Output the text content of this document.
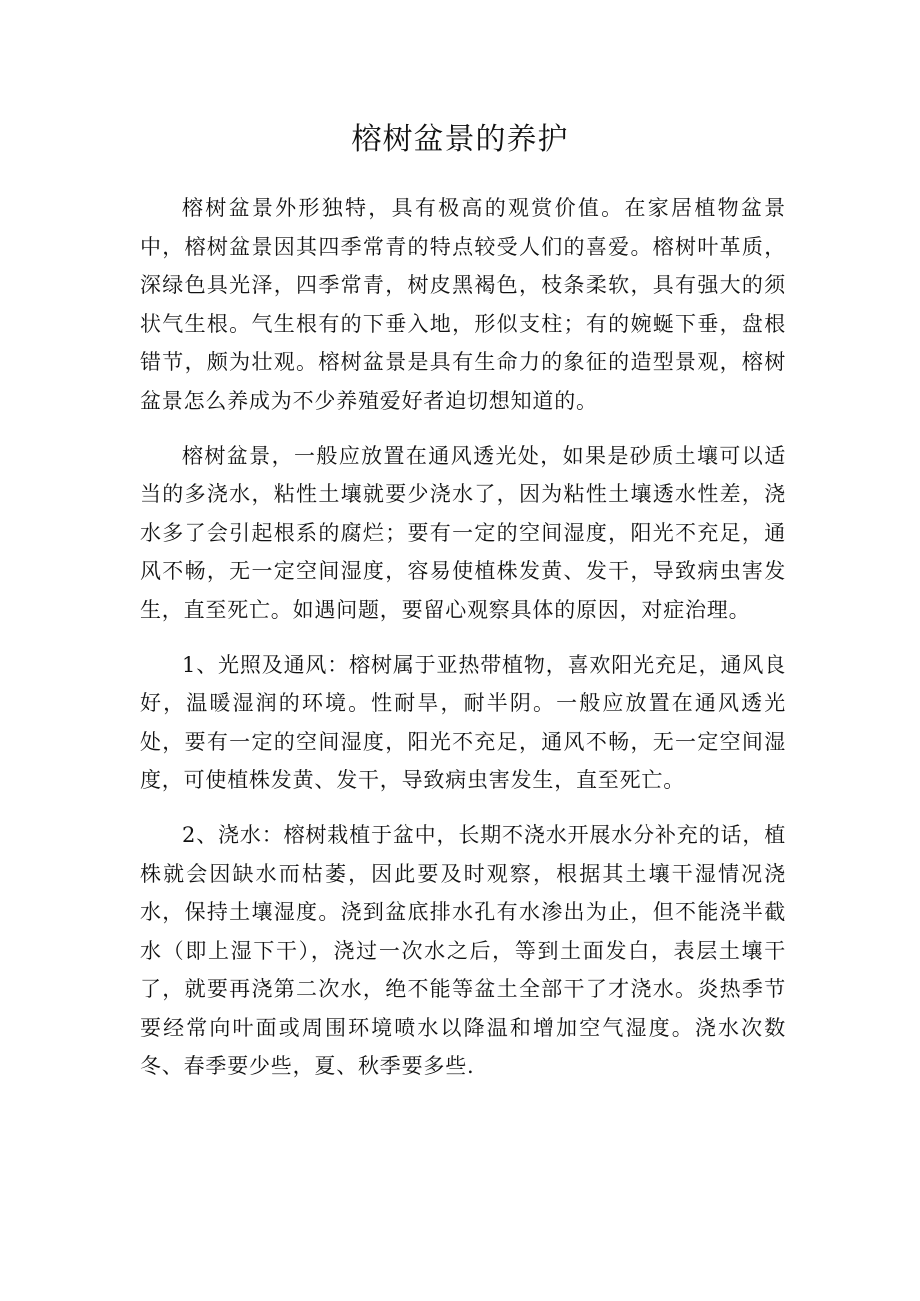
榕树盆景的养护

榕树盆景外形独特，具有极高的观赏价值。在家居植物盆景中，榕树盆景因其四季常青的特点较受人们的喜爱。榕树叶革质，深绿色具光泽，四季常青，树皮黑褐色，枝条柔软，具有强大的须状气生根。气生根有的下垂入地，形似支柱；有的婉蜒下垂，盘根错节，颇为壮观。榕树盆景是具有生命力的象征的造型景观，榕树盆景怎么养成为不少养殖爱好者迫切想知道的。

榕树盆景，一般应放置在通风透光处，如果是砂质土壤可以适当的多浇水，粘性土壤就要少浇水了，因为粘性土壤透水性差，浇水多了会引起根系的腐烂；要有一定的空间湿度，阳光不充足，通风不畅，无一定空间湿度，容易使植株发黄、发干，导致病虫害发生，直至死亡。如遇问题，要留心观察具体的原因，对症治理。

1、光照及通风：榕树属于亚热带植物，喜欢阳光充足，通风良好，温暖湿润的环境。性耐旱，耐半阴。一般应放置在通风透光处，要有一定的空间湿度，阳光不充足，通风不畅，无一定空间湿度，可使植株发黄、发干，导致病虫害发生，直至死亡。

2、浇水：榕树栽植于盆中，长期不浇水开展水分补充的话，植株就会因缺水而枯萎，因此要及时观察，根据其土壤干湿情况浇水，保持土壤湿度。浇到盆底排水孔有水渗出为止，但不能浇半截水（即上湿下干），浇过一次水之后，等到土面发白，表层土壤干了，就要再浇第二次水，绝不能等盆土全部干了才浇水。炎热季节要经常向叶面或周围环境喷水以降温和增加空气湿度。浇水次数冬、春季要少些，夏、秋季要多些.
